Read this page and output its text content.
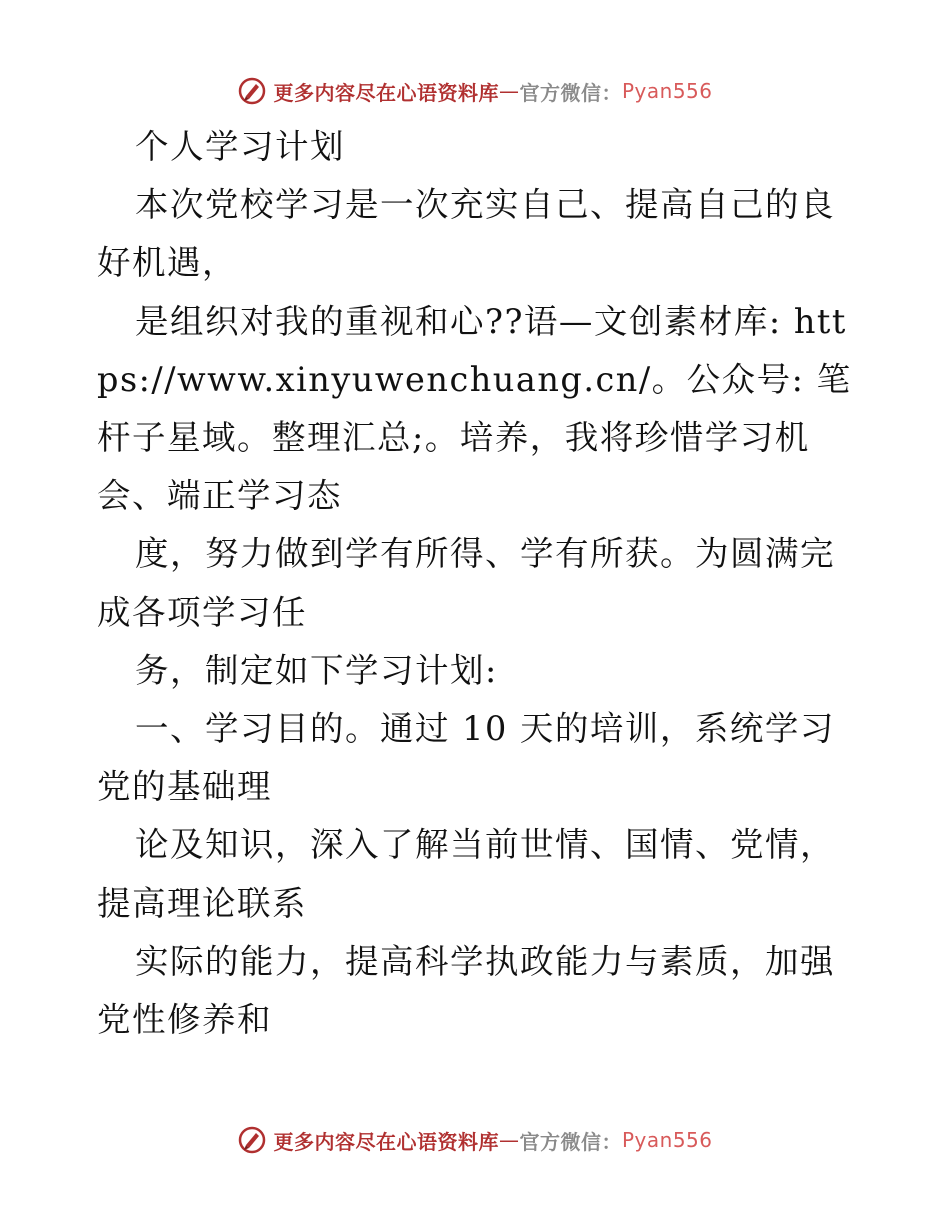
更多内容尽在心语资料库 — 官方微信： Pyan556

个人学习计划

本次党校学习是一次充实自己、提高自己的良好机遇，

是组织对我的重视和心??语—文创素材库: https://www.xinyuwenchuang.cn/。公众号: 笔杆子星域。整理汇总;。培养，我将珍惜学习机会、端正学习态

度，努力做到学有所得、学有所获。为圆满完成各项学习任

务，制定如下学习计划:

一、学习目的。通过 10 天的培训，系统学习党的基础理

论及知识，深入了解当前世情、国情、党情，提高理论联系

实际的能力，提高科学执政能力与素质，加强党性修养和

更多内容尽在心语资料库 — 官方微信： Pyan556
